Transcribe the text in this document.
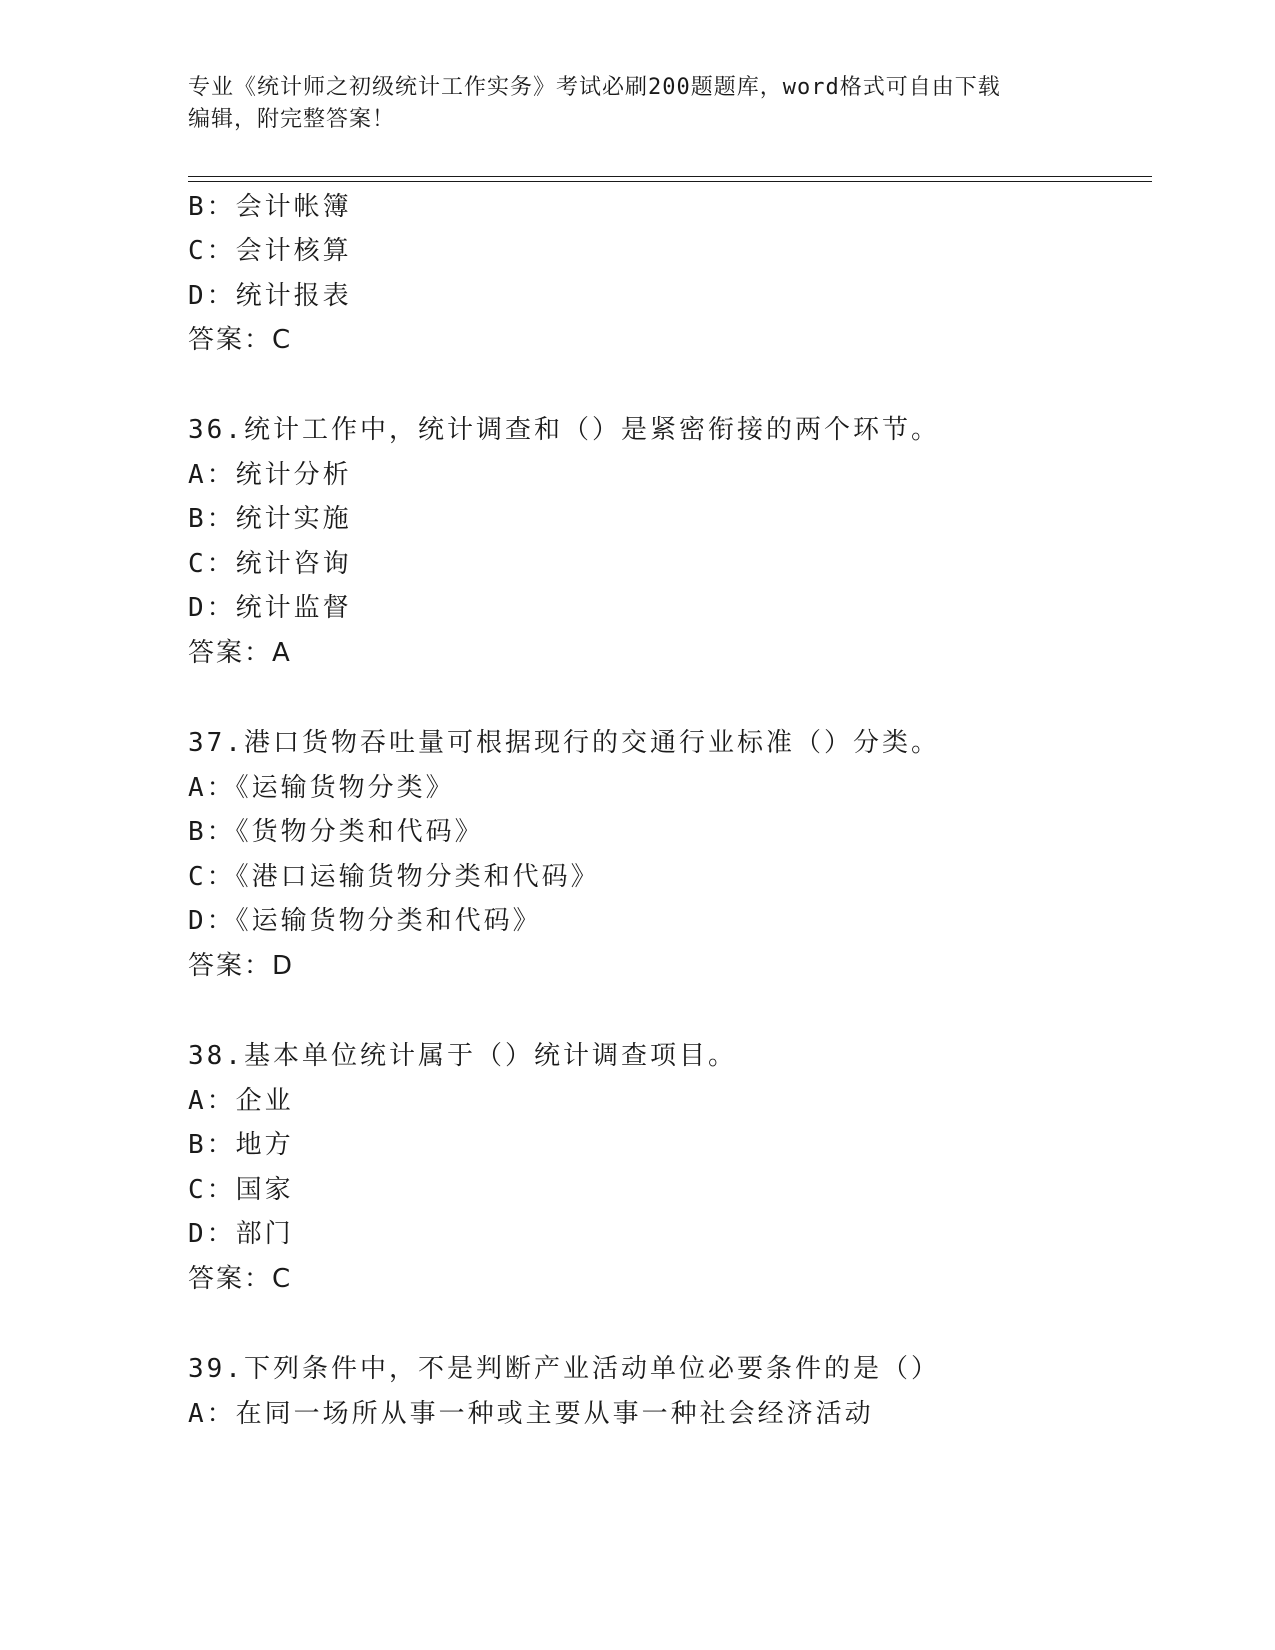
专业《统计师之初级统计工作实务》考试必刷200题题库，word格式可自由下载
编辑，附完整答案！
B：会计帐簿
C：会计核算
D：统计报表
答案：C
36.统计工作中，统计调查和（）是紧密衔接的两个环节。
A：统计分析
B：统计实施
C：统计咨询
D：统计监督
答案：A
37.港口货物吞吐量可根据现行的交通行业标准（）分类。
A：《运输货物分类》
B：《货物分类和代码》
C：《港口运输货物分类和代码》
D：《运输货物分类和代码》
答案：D
38.基本单位统计属于（）统计调查项目。
A：企业
B：地方
C：国家
D：部门
答案：C
39.下列条件中，不是判断产业活动单位必要条件的是（）
A：在同一场所从事一种或主要从事一种社会经济活动
